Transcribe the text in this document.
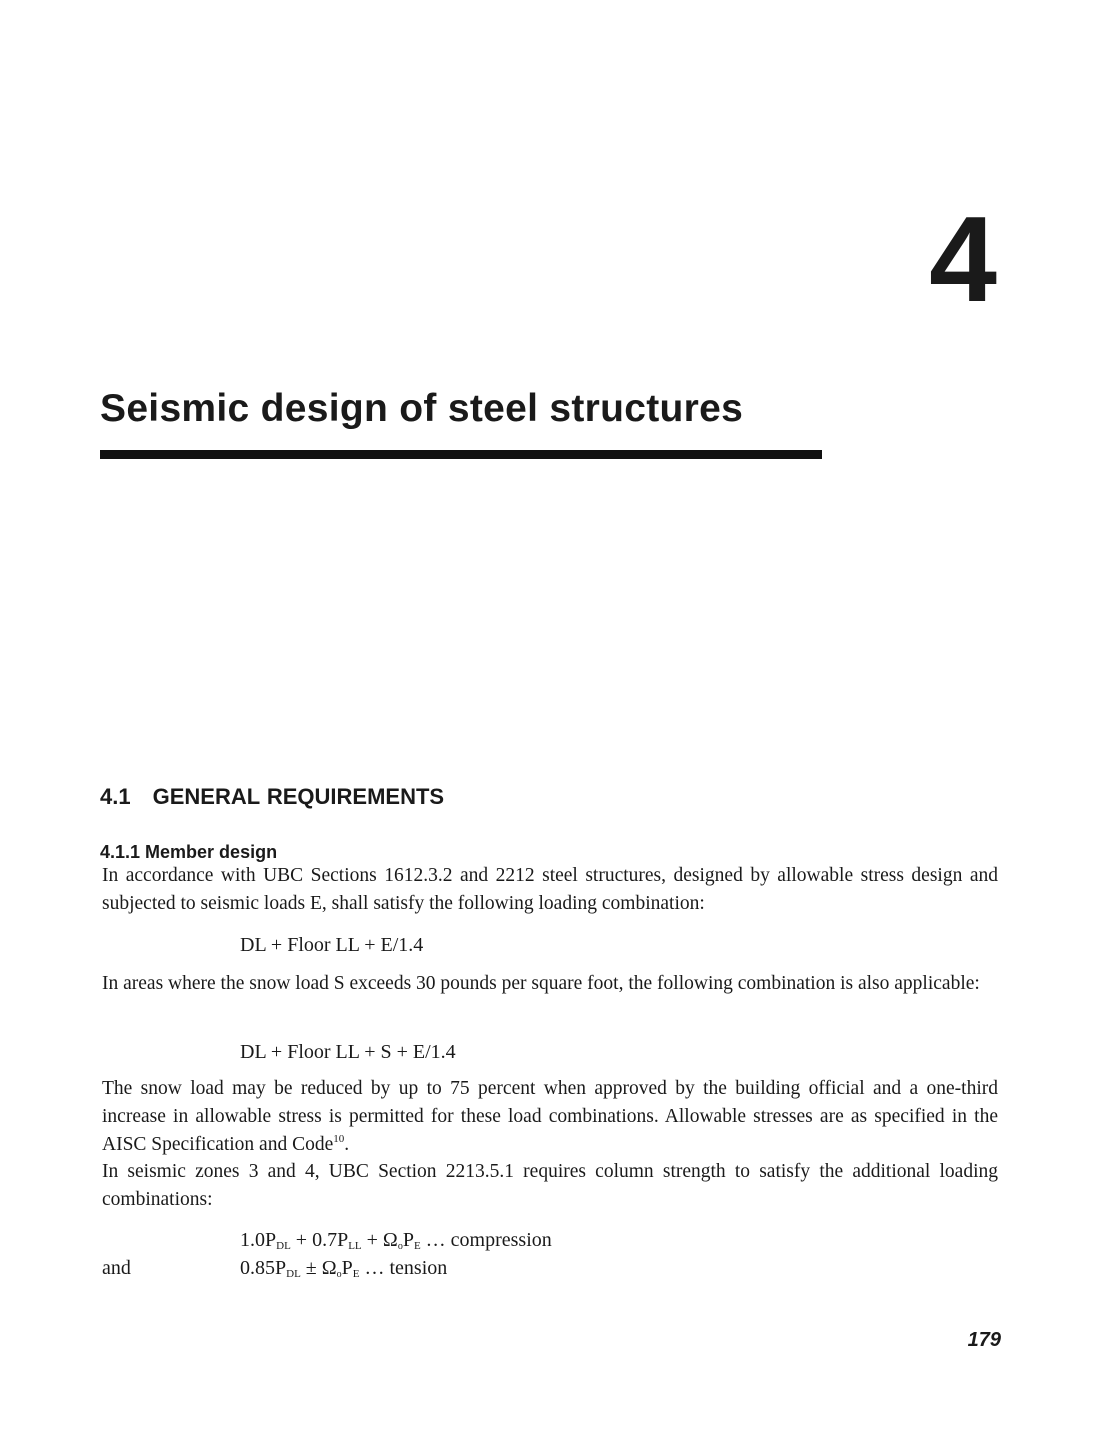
4
Seismic design of steel structures
4.1 GENERAL REQUIREMENTS
4.1.1 Member design

In accordance with UBC Sections 1612.3.2 and 2212 steel structures, designed by allowable stress design and subjected to seismic loads E, shall satisfy the following loading combination:

DL + Floor LL + E/1.4

In areas where the snow load S exceeds 30 pounds per square foot, the following combination is also applicable:

DL + Floor LL + S + E/1.4

The snow load may be reduced by up to 75 percent when approved by the building official and a one-third increase in allowable stress is permitted for these load combinations. Allowable stresses are as specified in the AISC Specification and Code$^{10}$.

In seismic zones 3 and 4, UBC Section 2213.5.1 requires column strength to satisfy the additional loading combinations:

$1.0P_{DL} + 0.7P_{LL} + \Omega_oP_E$ … compression

and	$0.85P_{DL} \pm \Omega_oP_E$ … tension

179
